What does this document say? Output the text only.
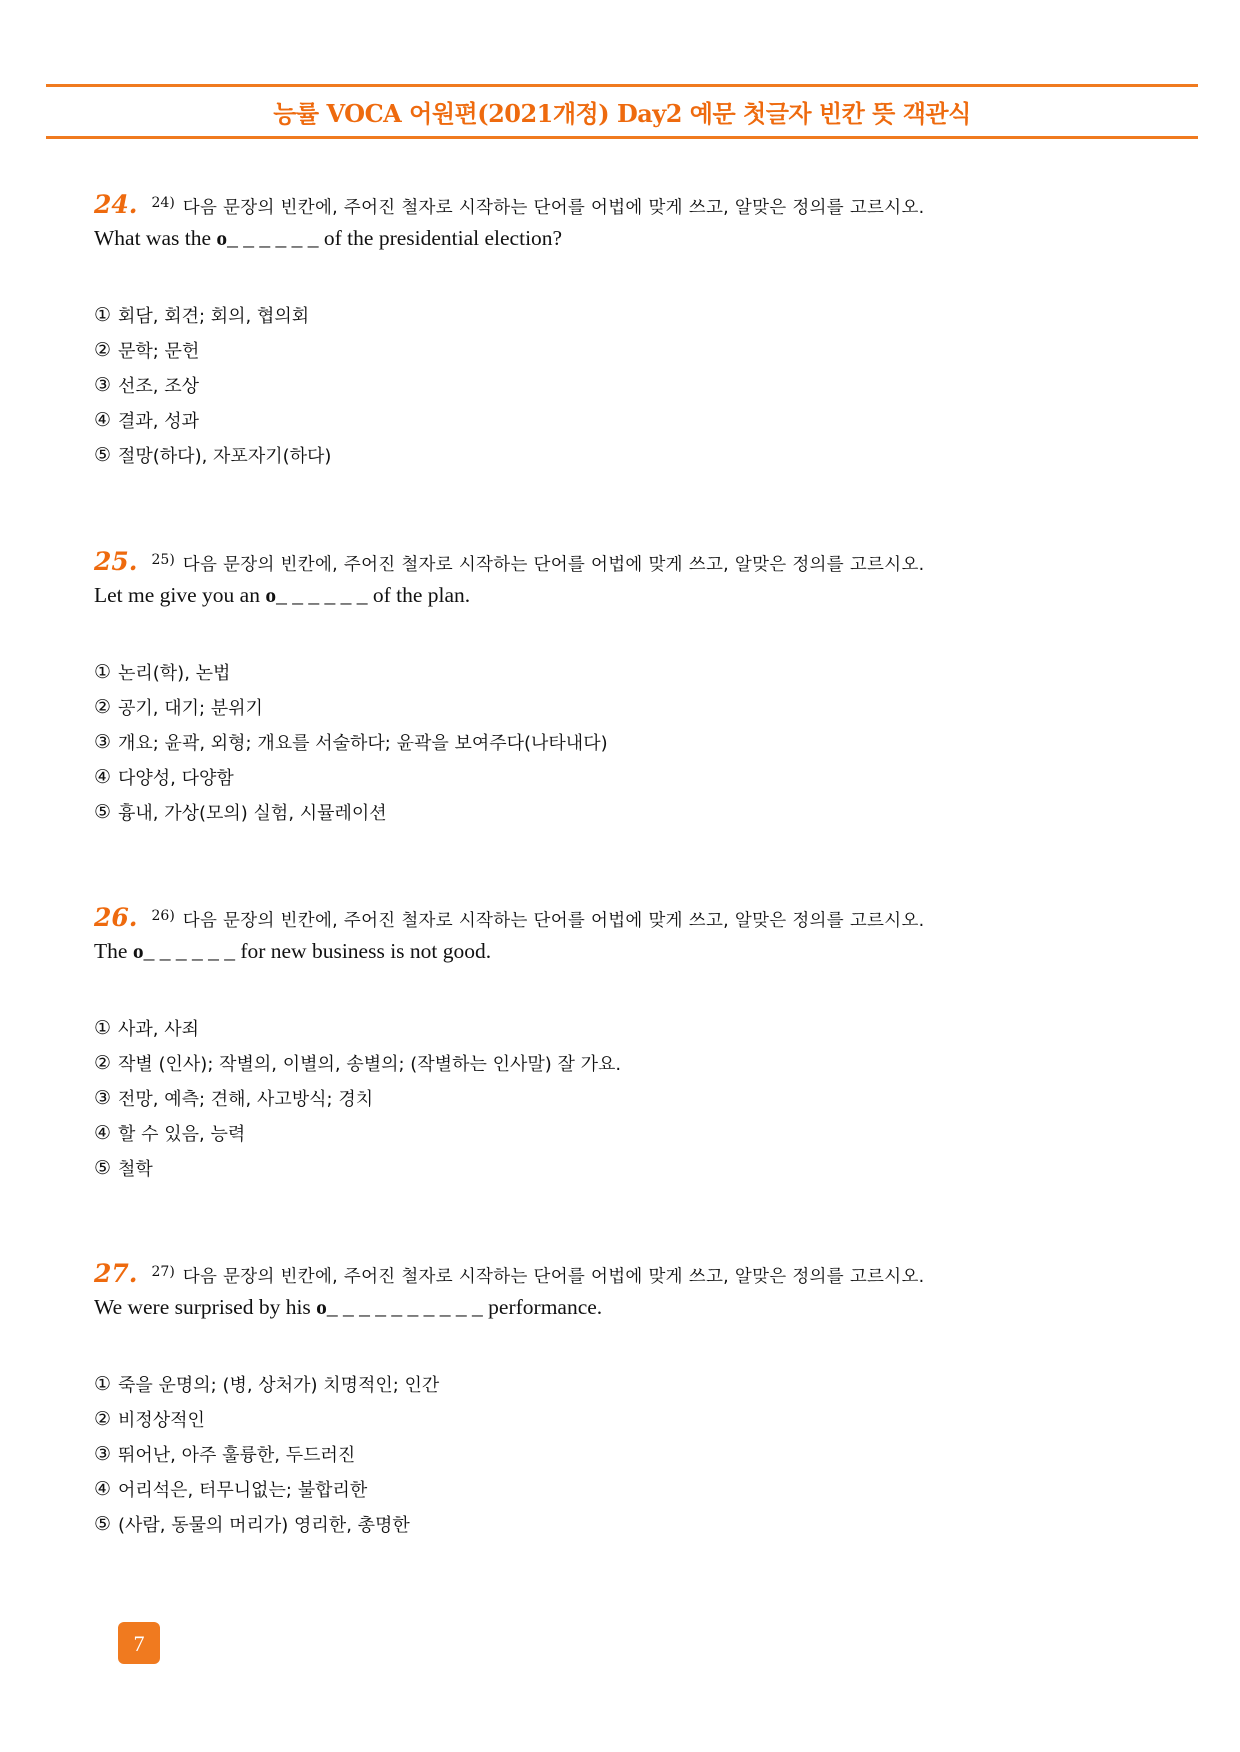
능률 VOCA 어원편(2021개정) Day2 예문 첫글자 빈칸 뜻 객관식
24. 24) 다음 문장의 빈칸에, 주어진 철자로 시작하는 단어를 어법에 맞게 쓰고, 알맞은 정의를 고르시오.
What was the o_ _ _ _ _ _ of the presidential election?
① 회담, 회견; 회의, 협의회
② 문학; 문헌
③ 선조, 조상
④ 결과, 성과
⑤ 절망(하다), 자포자기(하다)
25. 25) 다음 문장의 빈칸에, 주어진 철자로 시작하는 단어를 어법에 맞게 쓰고, 알맞은 정의를 고르시오.
Let me give you an o_ _ _ _ _ _ of the plan.
① 논리(학), 논법
② 공기, 대기; 분위기
③ 개요; 윤곽, 외형; 개요를 서술하다; 윤곽을 보여주다(나타내다)
④ 다양성, 다양함
⑤ 흉내, 가상(모의) 실험, 시뮬레이션
26. 26) 다음 문장의 빈칸에, 주어진 철자로 시작하는 단어를 어법에 맞게 쓰고, 알맞은 정의를 고르시오.
The o_ _ _ _ _ _ for new business is not good.
① 사과, 사죄
② 작별 (인사); 작별의, 이별의, 송별의; (작별하는 인사말) 잘 가요.
③ 전망, 예측; 견해, 사고방식; 경치
④ 할 수 있음, 능력
⑤ 철학
27. 27) 다음 문장의 빈칸에, 주어진 철자로 시작하는 단어를 어법에 맞게 쓰고, 알맞은 정의를 고르시오.
We were surprised by his o_ _ _ _ _ _ _ _ _ _ performance.
① 죽을 운명의; (병, 상처가) 치명적인; 인간
② 비정상적인
③ 뛰어난, 아주 훌륭한, 두드러진
④ 어리석은, 터무니없는; 불합리한
⑤ (사람, 동물의 머리가) 영리한, 총명한
7
